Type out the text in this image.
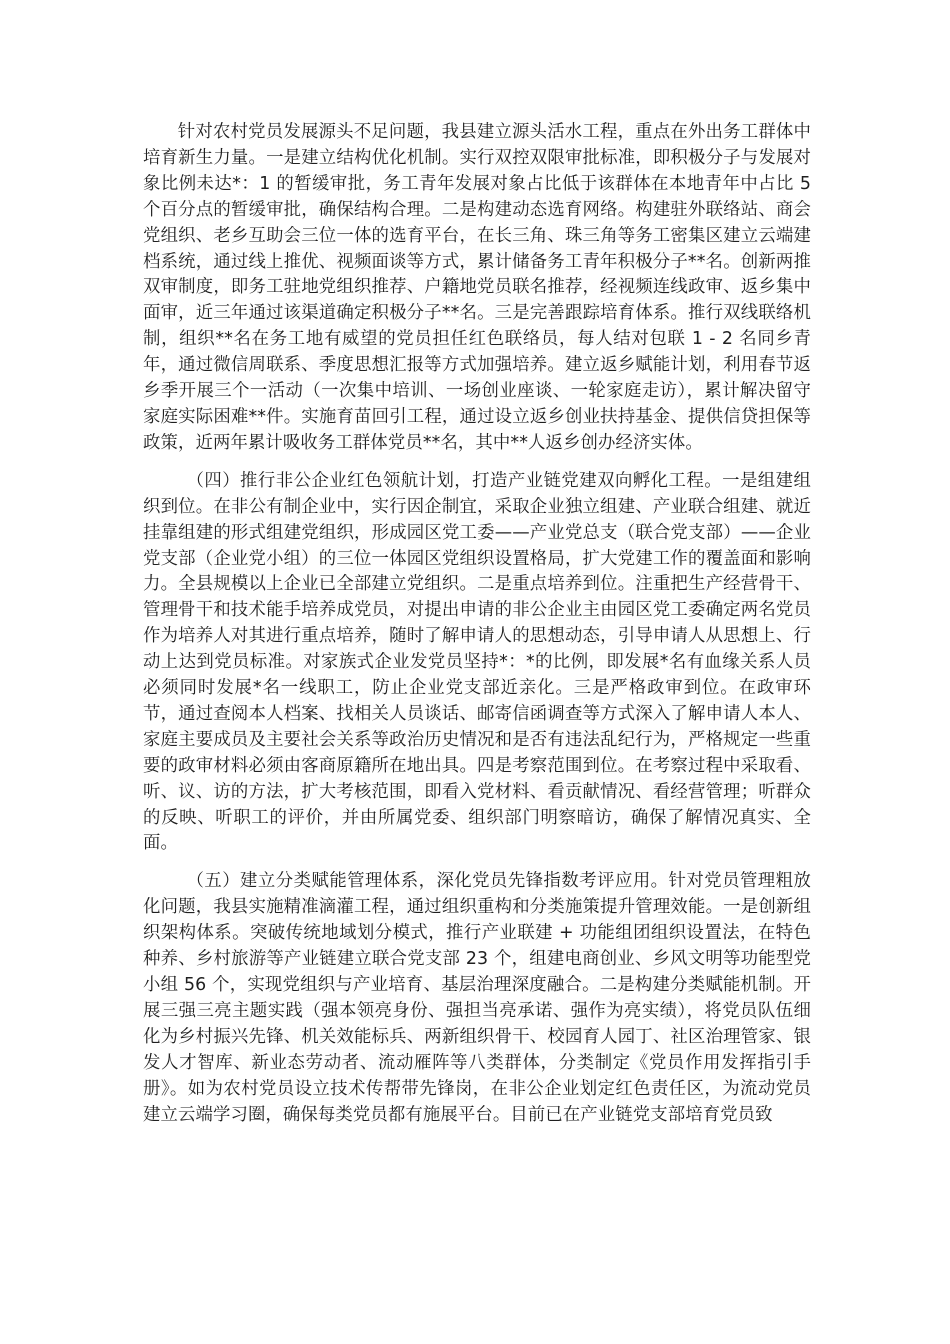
针对农村党员发展源头不足问题，我县建立源头活水工程，重点在外出务工群体中培育新生力量。一是建立结构优化机制。实行双控双限审批标准，即积极分子与发展对象比例未达*：1 的暂缓审批，务工青年发展对象占比低于该群体在本地青年中占比 5 个百分点的暂缓审批，确保结构合理。二是构建动态选育网络。构建驻外联络站、商会党组织、老乡互助会三位一体的选育平台，在长三角、珠三角等务工密集区建立云端建档系统，通过线上推优、视频面谈等方式，累计储备务工青年积极分子**名。创新两推双审制度，即务工驻地党组织推荐、户籍地党员联名推荐，经视频连线政审、返乡集中面审，近三年通过该渠道确定积极分子**名。三是完善跟踪培育体系。推行双线联络机制，组织**名在务工地有威望的党员担任红色联络员，每人结对包联 1 - 2 名同乡青年，通过微信周联系、季度思想汇报等方式加强培养。建立返乡赋能计划，利用春节返乡季开展三个一活动（一次集中培训、一场创业座谈、一轮家庭走访），累计解决留守家庭实际困难**件。实施育苗回引工程，通过设立返乡创业扶持基金、提供信贷担保等政策，近两年累计吸收务工群体党员**名，其中**人返乡创办经济实体。

（四）推行非公企业红色领航计划，打造产业链党建双向孵化工程。一是组建组织到位。在非公有制企业中，实行因企制宜，采取企业独立组建、产业联合组建、就近挂靠组建的形式组建党组织，形成园区党工委——产业党总支（联合党支部）——企业党支部（企业党小组）的三位一体园区党组织设置格局，扩大党建工作的覆盖面和影响力。全县规模以上企业已全部建立党组织。二是重点培养到位。注重把生产经营骨干、管理骨干和技术能手培养成党员，对提出申请的非公企业主由园区党工委确定两名党员作为培养人对其进行重点培养，随时了解申请人的思想动态，引导申请人从思想上、行动上达到党员标准。对家族式企业发党员坚持*：*的比例，即发展*名有血缘关系人员必须同时发展*名一线职工，防止企业党支部近亲化。三是严格政审到位。在政审环节，通过查阅本人档案、找相关人员谈话、邮寄信函调查等方式深入了解申请人本人、家庭主要成员及主要社会关系等政治历史情况和是否有违法乱纪行为，严格规定一些重要的政审材料必须由客商原籍所在地出具。四是考察范围到位。在考察过程中采取看、听、议、访的方法，扩大考核范围，即看入党材料、看贡献情况、看经营管理；听群众的反映、听职工的评价，并由所属党委、组织部门明察暗访，确保了解情况真实、全面。

（五）建立分类赋能管理体系，深化党员先锋指数考评应用。针对党员管理粗放化问题，我县实施精准滴灌工程，通过组织重构和分类施策提升管理效能。一是创新组织架构体系。突破传统地域划分模式，推行产业联建 + 功能组团组织设置法，在特色种养、乡村旅游等产业链建立联合党支部 23 个，组建电商创业、乡风文明等功能型党小组 56 个，实现党组织与产业培育、基层治理深度融合。二是构建分类赋能机制。开展三强三亮主题实践（强本领亮身份、强担当亮承诺、强作为亮实绩），将党员队伍细化为乡村振兴先锋、机关效能标兵、两新组织骨干、校园育人园丁、社区治理管家、银发人才智库、新业态劳动者、流动雁阵等八类群体，分类制定《党员作用发挥指引手册》。如为农村党员设立技术传帮带先锋岗，在非公企业划定红色责任区，为流动党员建立云端学习圈，确保每类党员都有施展平台。目前已在产业链党支部培育党员致
